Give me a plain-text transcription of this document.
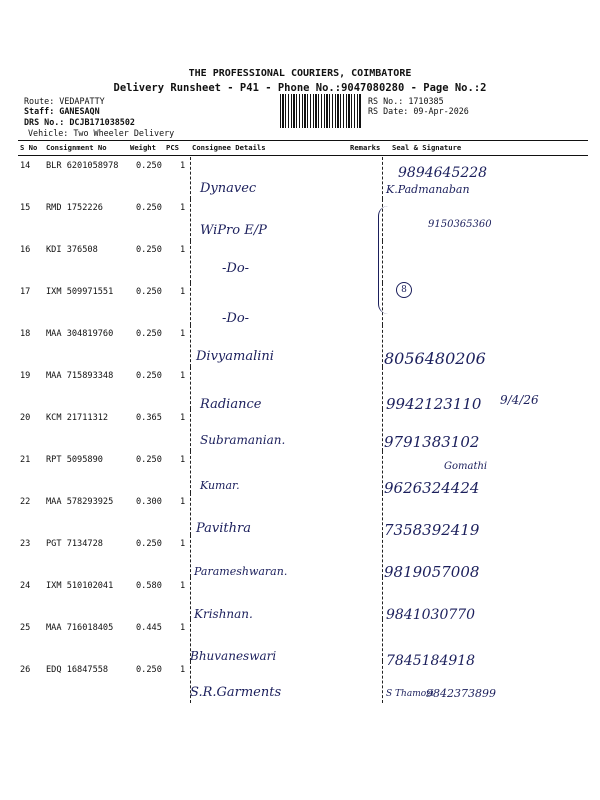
THE PROFESSIONAL COURIERS, COIMBATORE
Delivery Runsheet - P41 - Phone No.:9047080280 - Page No.:2
Route: VEDAPATTY
Staff: GANESAQN
DRS No.: DCJB171038502
RS No.: 1710385
RS Date: 09-Apr-2026
Vehicle: Two Wheeler Delivery
S No Consignment No	Weight PCS Consignee Details	Remarks Seal & Signature
14 BLR 6201058978 0.250 1
Dynavec
9894645228
K.Padmanaban
15 RMD 1752226	0.250 1
WiPro E/P	9150365360
16 KDI 376508	0.250 1
-Do-
17 IXM 509971551	0.250 1
-Do-
18 MAA 304819760	0.250 1
Divyamalini	8056480206
19 MAA 715893348	0.250 1
Radiance	9942123110 9/4/26
20 KCM 21711312	0.365 1
Subramanian.	9791383102
21 RPT 5095890	0.250 1
Kumar.	9626324424
Gomathi
22 MAA 578293925	0.300 1
Pavithra	7358392419
23 PGT 7134728	0.250 1
Parameshwaran.	9819057008
24 IXM 510102041	0.580 1
Krishnan.	9841030770
25 MAA 716018405	0.445 1
Bhuvaneswari	7845184918
26 EDQ 16847558	0.250 1
S.R.Garments	9842373899
S Thamozi
8
